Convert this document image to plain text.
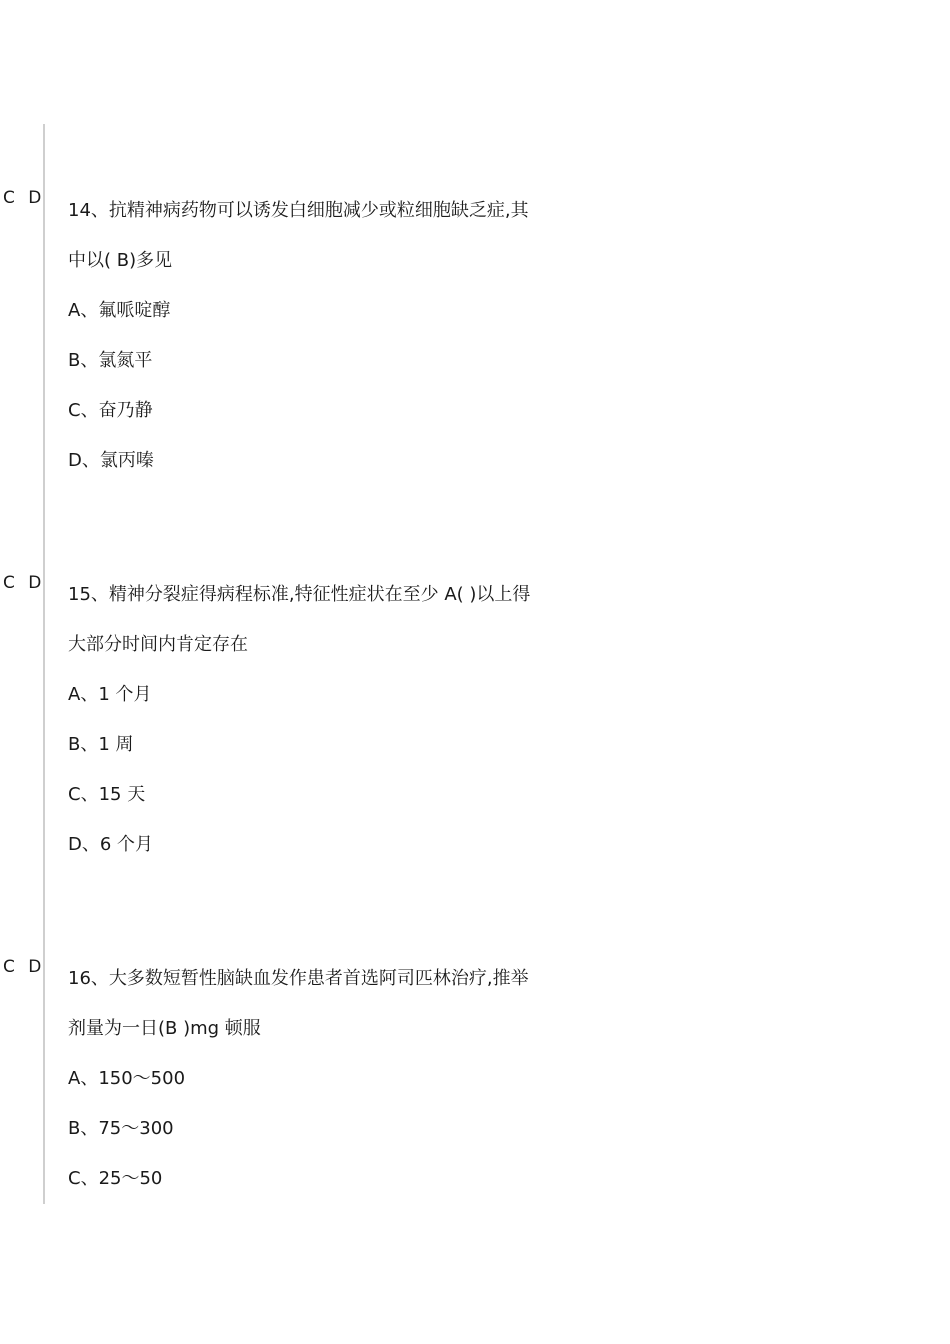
C D
14、抗精神病药物可以诱发白细胞减少或粒细胞缺乏症,其
中以( B)多见
A、氟哌啶醇
B、氯氮平
C、奋乃静
D、氯丙嗪
C D
15、精神分裂症得病程标准,特征性症状在至少 A( )以上得
大部分时间内肯定存在
A、1 个月
B、1 周
C、15 天
D、6 个月
C D
16、大多数短暂性脑缺血发作患者首选阿司匹林治疗,推举
剂量为一日(B )mg 顿服
A、150～500
B、75～300
C、25～50
